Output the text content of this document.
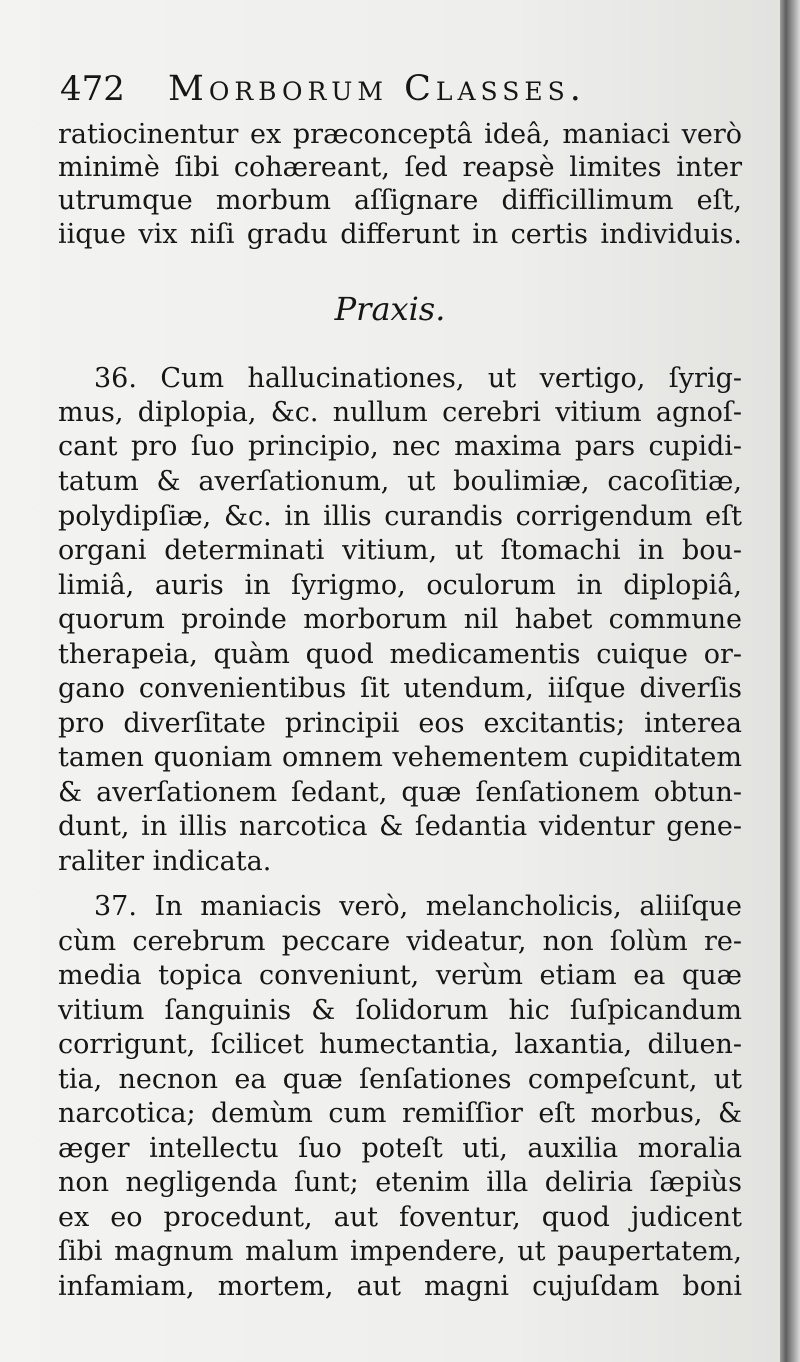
472 Morborum Classes.

ratiocinentur ex præconceptâ ideâ, maniaci verò

minimè ſibi cohæreant, ſed reapsè limites inter

utrumque morbum aſſignare difficillimum eſt,

iique vix niſi gradu differunt in certis individuis.

Praxis.

36. Cum hallucinationes, ut vertigo, ſyrig-

mus, diplopia, &c. nullum cerebri vitium agnoſ-

cant pro ſuo principio, nec maxima pars cupidi-

tatum & averſationum, ut boulimiæ, cacoſitiæ,

polydipſiæ, &c. in illis curandis corrigendum eſt

organi determinati vitium, ut ſtomachi in bou-

limiâ, auris in ſyrigmo, oculorum in diplopiâ,

quorum proinde morborum nil habet commune

therapeia, quàm quod medicamentis cuique or-

gano convenientibus ſit utendum, iiſque diverſis

pro diverſitate principii eos excitantis; interea

tamen quoniam omnem vehementem cupiditatem

& averſationem ſedant, quæ ſenſationem obtun-

dunt, in illis narcotica & ſedantia videntur gene-

raliter indicata.

37. In maniacis verò, melancholicis, aliiſque

cùm cerebrum peccare videatur, non ſolùm re-

media topica conveniunt, verùm etiam ea quæ

vitium ſanguinis & ſolidorum hic ſuſpicandum

corrigunt, ſcilicet humectantia, laxantia, diluen-

tia, necnon ea quæ ſenſationes compeſcunt, ut

narcotica; demùm cum remiſſior eſt morbus, &

æger intellectu ſuo poteſt uti, auxilia moralia

non negligenda ſunt; etenim illa deliria ſæpiùs

ex eo procedunt, aut foventur, quod judicent

ſibi magnum malum impendere, ut paupertatem,

infamiam, mortem, aut magni cujuſdam boni
